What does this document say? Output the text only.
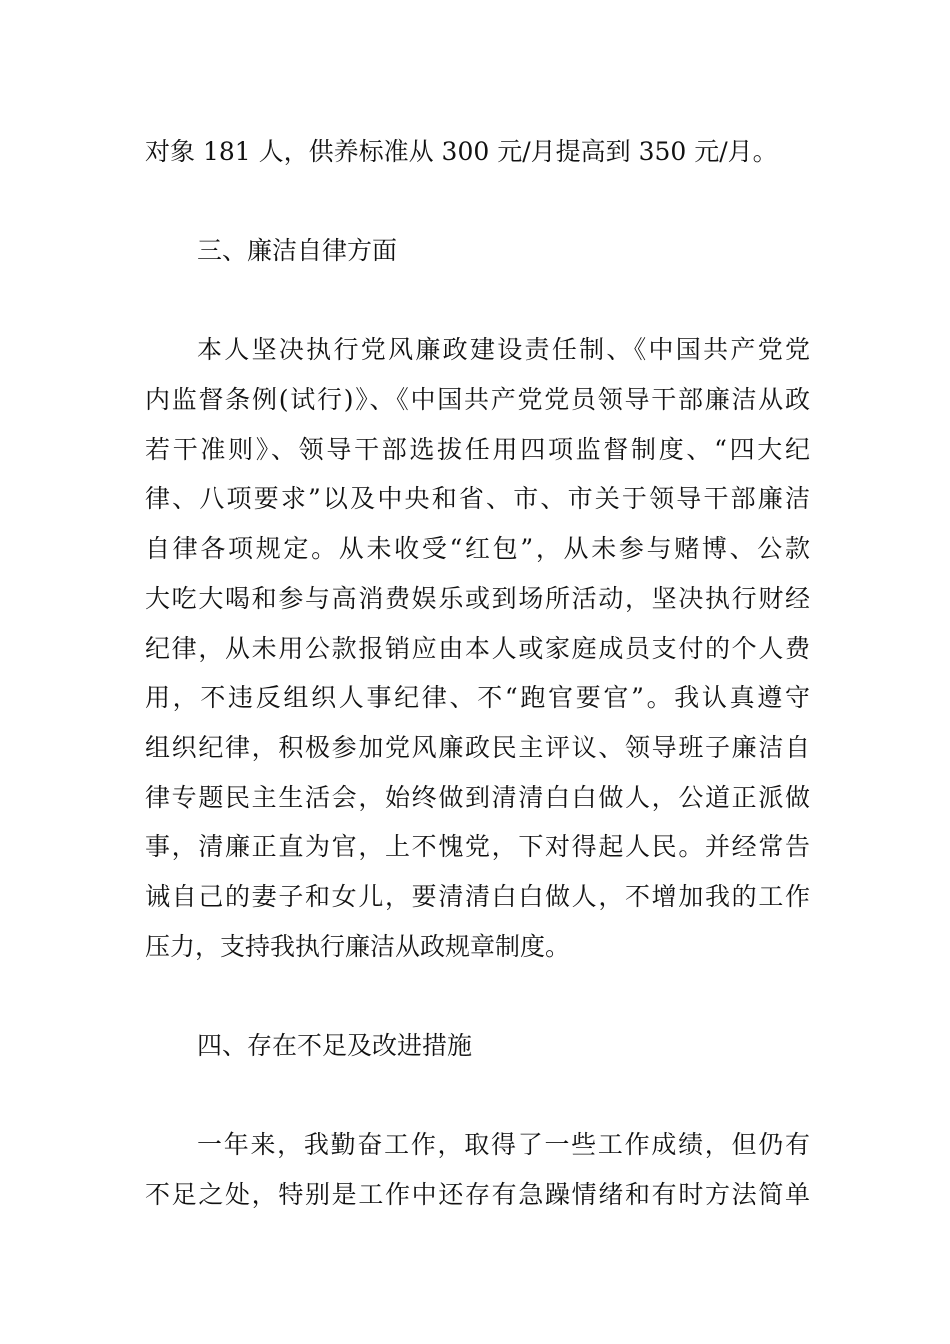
对象 181 人，供养标准从 300 元/月提高到 350 元/月。
三、廉洁自律方面
本人坚决执行党风廉政建设责任制、《中国共产党党
内监督条例(试行)》、《中国共产党党员领导干部廉洁从政
若干准则》、领导干部选拔任用四项监督制度、“四大纪
律、八项要求”以及中央和省、市、市关于领导干部廉洁
自律各项规定。从未收受“红包”，从未参与赌博、公款
大吃大喝和参与高消费娱乐或到场所活动，坚决执行财经
纪律，从未用公款报销应由本人或家庭成员支付的个人费
用，不违反组织人事纪律、不“跑官要官”。我认真遵守
组织纪律，积极参加党风廉政民主评议、领导班子廉洁自
律专题民主生活会，始终做到清清白白做人，公道正派做
事，清廉正直为官，上不愧党，下对得起人民。并经常告
诫自己的妻子和女儿，要清清白白做人，不增加我的工作
压力，支持我执行廉洁从政规章制度。
四、存在不足及改进措施
一年来，我勤奋工作，取得了一些工作成绩，但仍有
不足之处，特别是工作中还存有急躁情绪和有时方法简单
